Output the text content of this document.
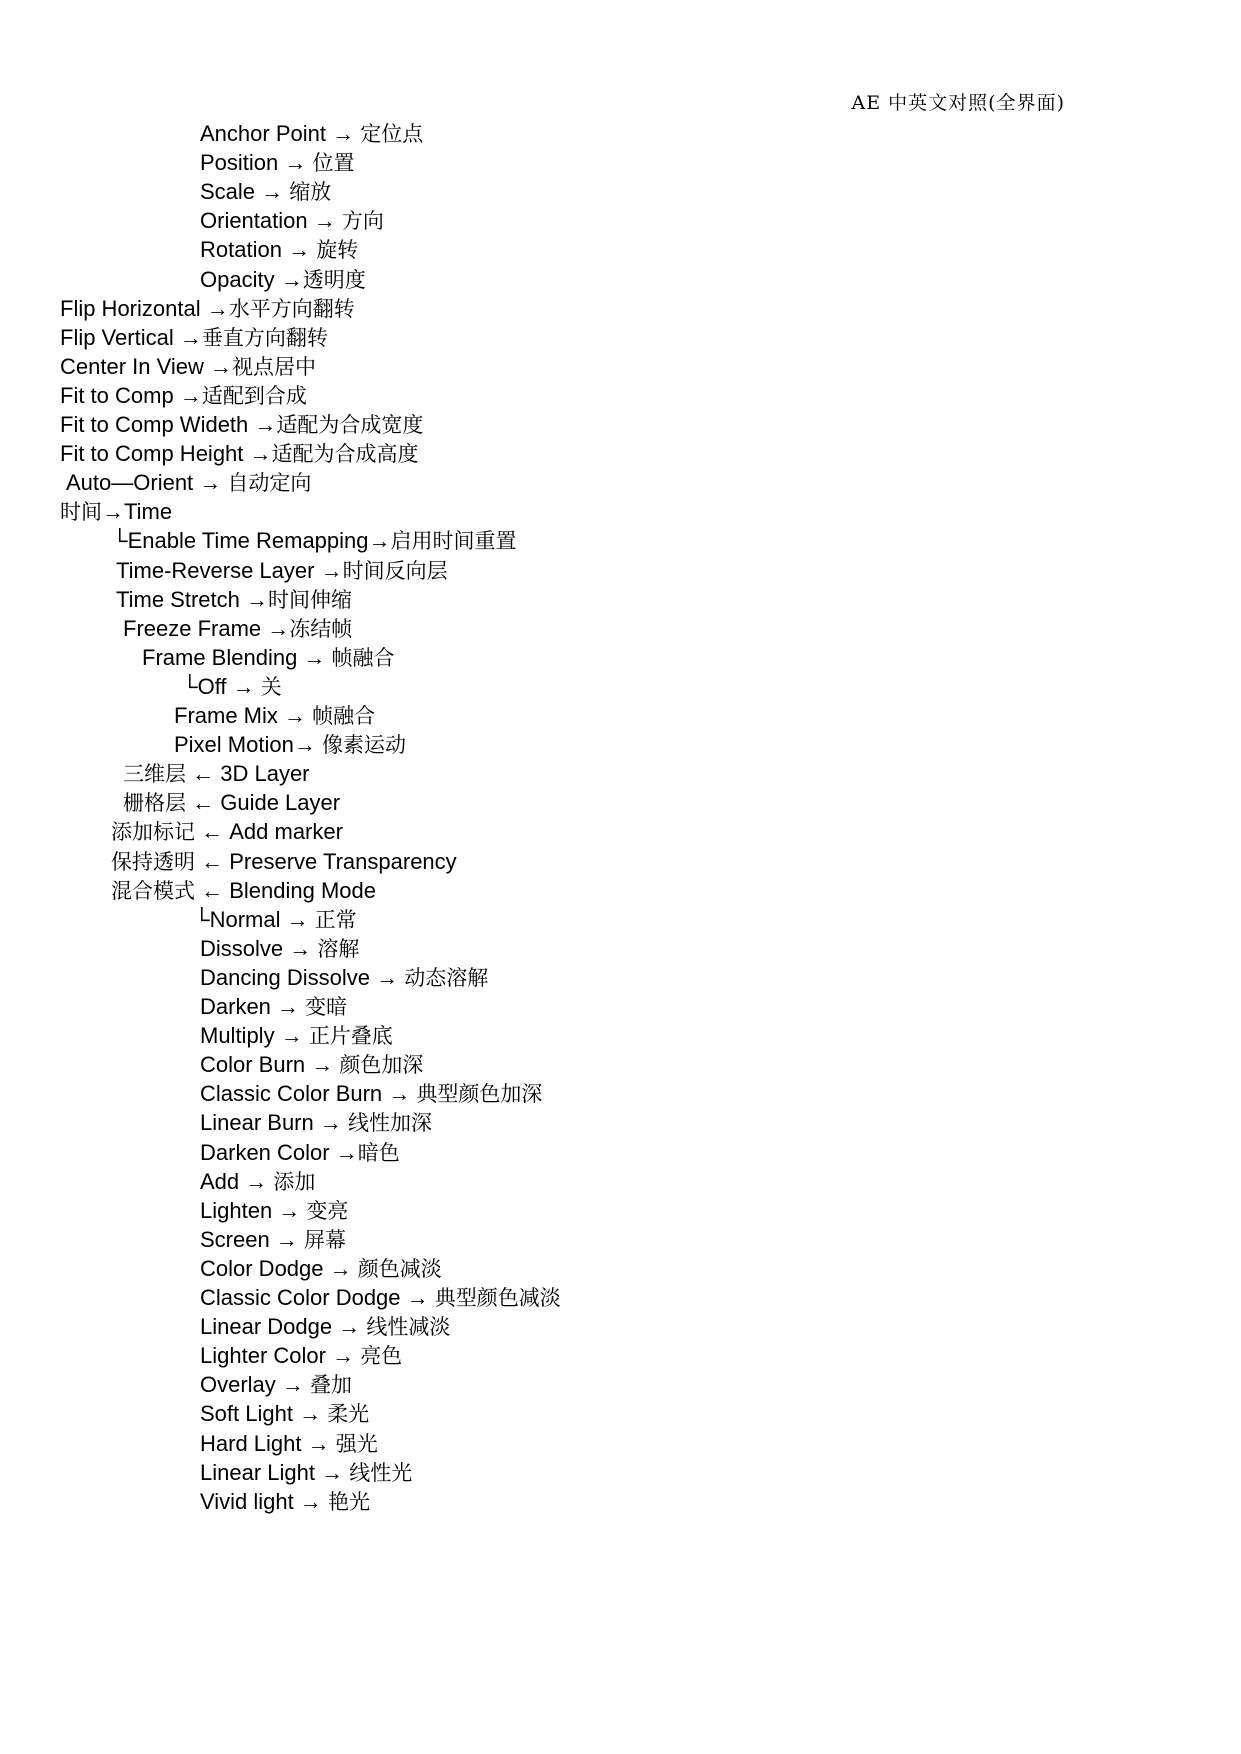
AE 中英文对照(全界面)
Anchor Point → 定位点
Position → 位置
Scale → 缩放
Orientation → 方向
Rotation → 旋转
Opacity →透明度
Flip Horizontal →水平方向翻转
Flip Vertical →垂直方向翻转
Center In View →视点居中
Fit to Comp →适配到合成
Fit to Comp Wideth →适配为合成宽度
Fit to Comp Height →适配为合成高度
Auto—Orient → 自动定向
时间→Time
└Enable Time Remapping→启用时间重置
Time-Reverse Layer →时间反向层
Time Stretch →时间伸缩
Freeze Frame →冻结帧
Frame Blending → 帧融合
└Off → 关
Frame Mix → 帧融合
Pixel Motion→ 像素运动
三维层 ← 3D Layer
栅格层 ← Guide Layer
添加标记 ← Add marker
保持透明 ← Preserve Transparency
混合模式 ← Blending Mode
└Normal → 正常
Dissolve → 溶解
Dancing Dissolve → 动态溶解
Darken → 变暗
Multiply → 正片叠底
Color Burn → 颜色加深
Classic Color Burn → 典型颜色加深
Linear Burn → 线性加深
Darken Color →暗色
Add → 添加
Lighten → 变亮
Screen → 屏幕
Color Dodge → 颜色减淡
Classic Color Dodge → 典型颜色减淡
Linear Dodge → 线性减淡
Lighter Color → 亮色
Overlay → 叠加
Soft Light → 柔光
Hard Light → 强光
Linear Light → 线性光
Vivid light → 艳光
